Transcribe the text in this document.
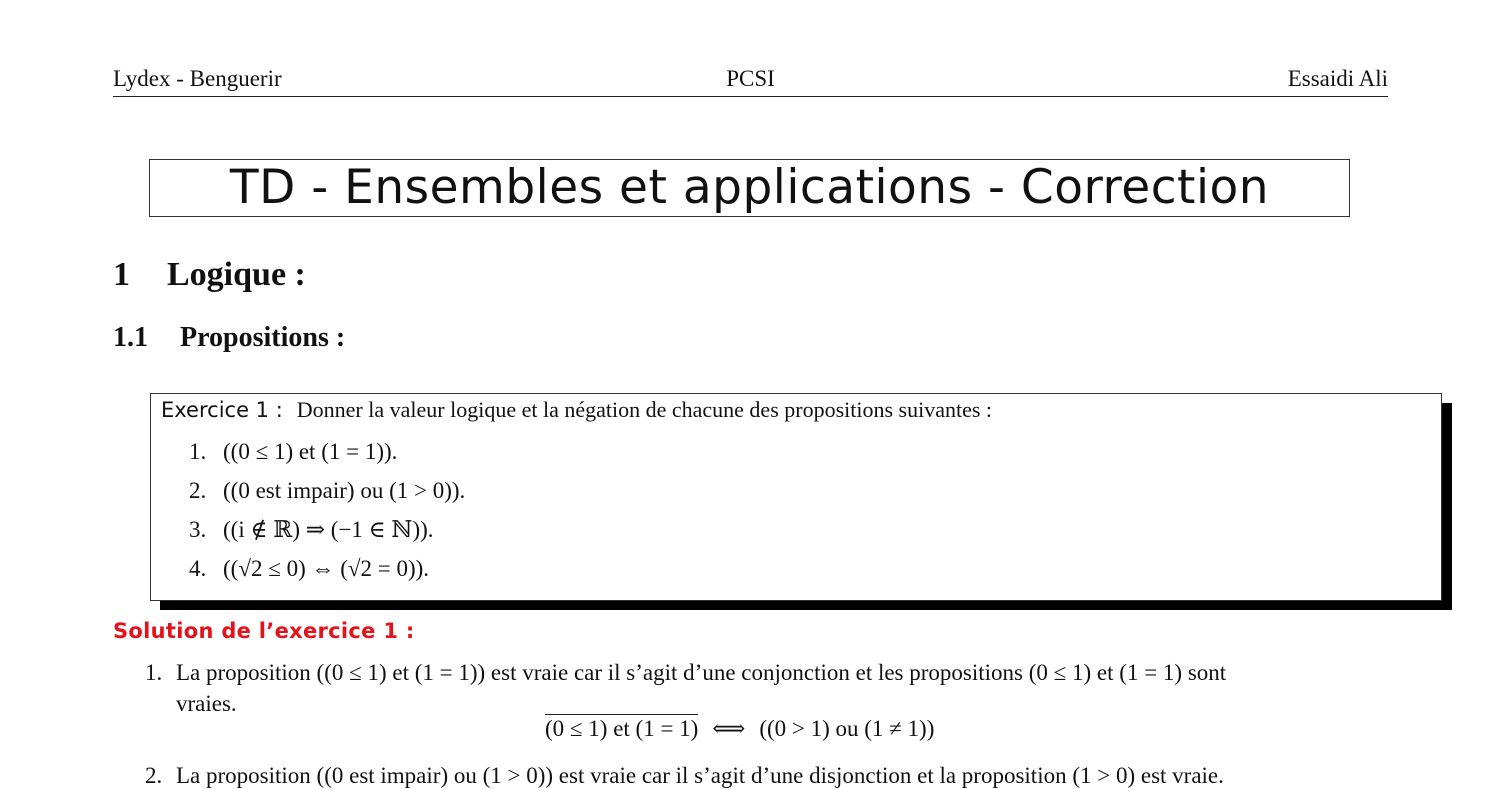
Lydex - Benguerir	PCSI	Essaidi Ali
TD - Ensembles et applications - Correction
1 Logique :
1.1 Propositions :
Exercice 1 : Donner la valeur logique et la négation de chacune des propositions suivantes :
1. ((0 ≤ 1) et (1 = 1)).
2. ((0 est impair) ou (1 > 0)).
3. ((i ∉ ℝ) ⇒ (−1 ∈ ℕ)).
4. ((√2 ≤ 0) ⇔ (√2 = 0)).
Solution de l’exercice 1 :
1. La proposition ((0 ≤ 1) et (1 = 1)) est vraie car il s’agit d’une conjonction et les propositions (0 ≤ 1) et (1 = 1) sont
vraies.
(0 ≤ 1) et (1 = 1) ⟺ ((0 > 1) ou (1 ≠ 1))
2. La proposition ((0 est impair) ou (1 > 0)) est vraie car il s’agit d’une disjonction et la proposition (1 > 0) est vraie.
